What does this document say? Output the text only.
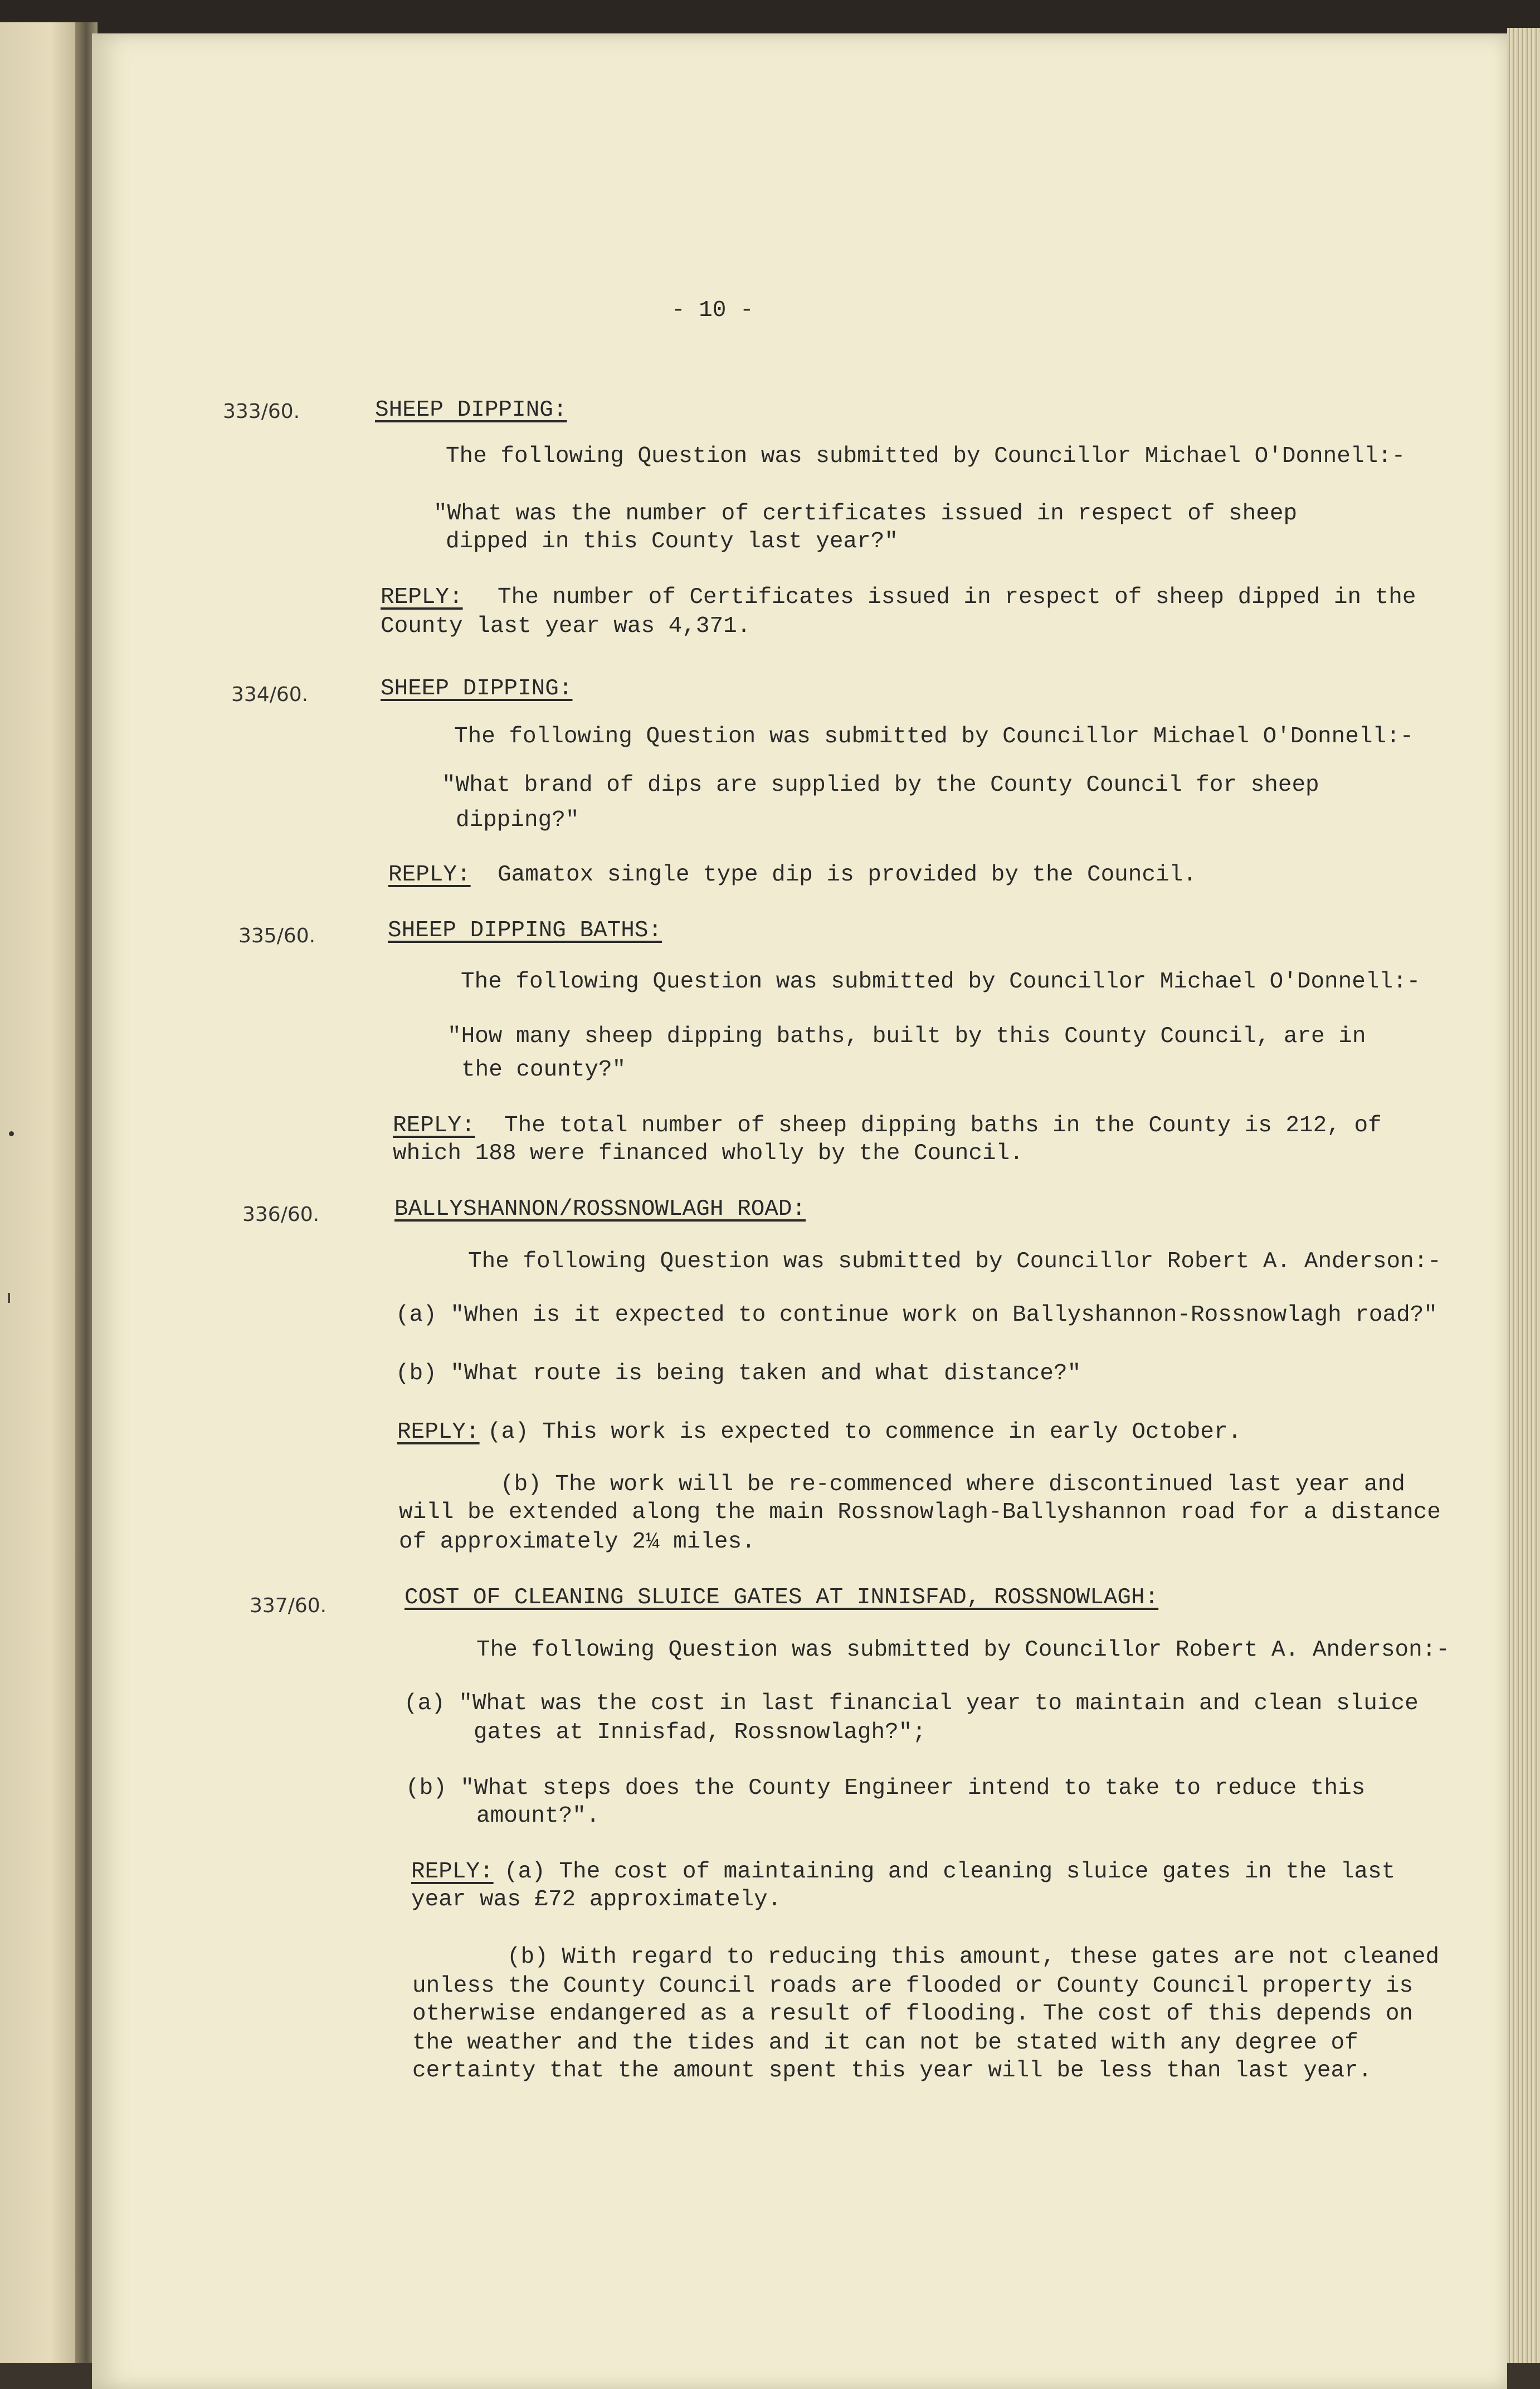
- 10 -
333/60.	SHEEP DIPPING:
The following Question was submitted by Councillor Michael O'Donnell:-
"What was the number of certificates issued in respect of sheep
dipped in this County last year?"
REPLY: The number of Certificates issued in respect of sheep dipped in the
County last year was 4,371.
334/60.	SHEEP DIPPING:
The following Question was submitted by Councillor Michael O'Donnell:-
"What brand of dips are supplied by the County Council for sheep
dipping?"
REPLY: Gamatox single type dip is provided by the Council.
335/60.	SHEEP DIPPING BATHS:
The following Question was submitted by Councillor Michael O'Donnell:-
"How many sheep dipping baths, built by this County Council, are in
the county?"
REPLY: The total number of sheep dipping baths in the County is 212, of
which 188 were financed wholly by the Council.
336/60.	BALLYSHANNON/ROSSNOWLAGH ROAD:
The following Question was submitted by Councillor Robert A. Anderson:-
(a) "When is it expected to continue work on Ballyshannon-Rossnowlagh road?"
(b) "What route is being taken and what distance?"
REPLY: (a) This work is expected to commence in early October.
(b) The work will be re-commenced where discontinued last year and
will be extended along the main Rossnowlagh-Ballyshannon road for a distance
of approximately 2¼ miles.
337/60.	COST OF CLEANING SLUICE GATES AT INNISFAD, ROSSNOWLAGH:
The following Question was submitted by Councillor Robert A. Anderson:-
(a) "What was the cost in last financial year to maintain and clean sluice
gates at Innisfad, Rossnowlagh?";
(b) "What steps does the County Engineer intend to take to reduce this
amount?".
REPLY: (a) The cost of maintaining and cleaning sluice gates in the last
year was £72 approximately.
(b) With regard to reducing this amount, these gates are not cleaned
unless the County Council roads are flooded or County Council property is
otherwise endangered as a result of flooding. The cost of this depends on
the weather and the tides and it can not be stated with any degree of
certainty that the amount spent this year will be less than last year.
